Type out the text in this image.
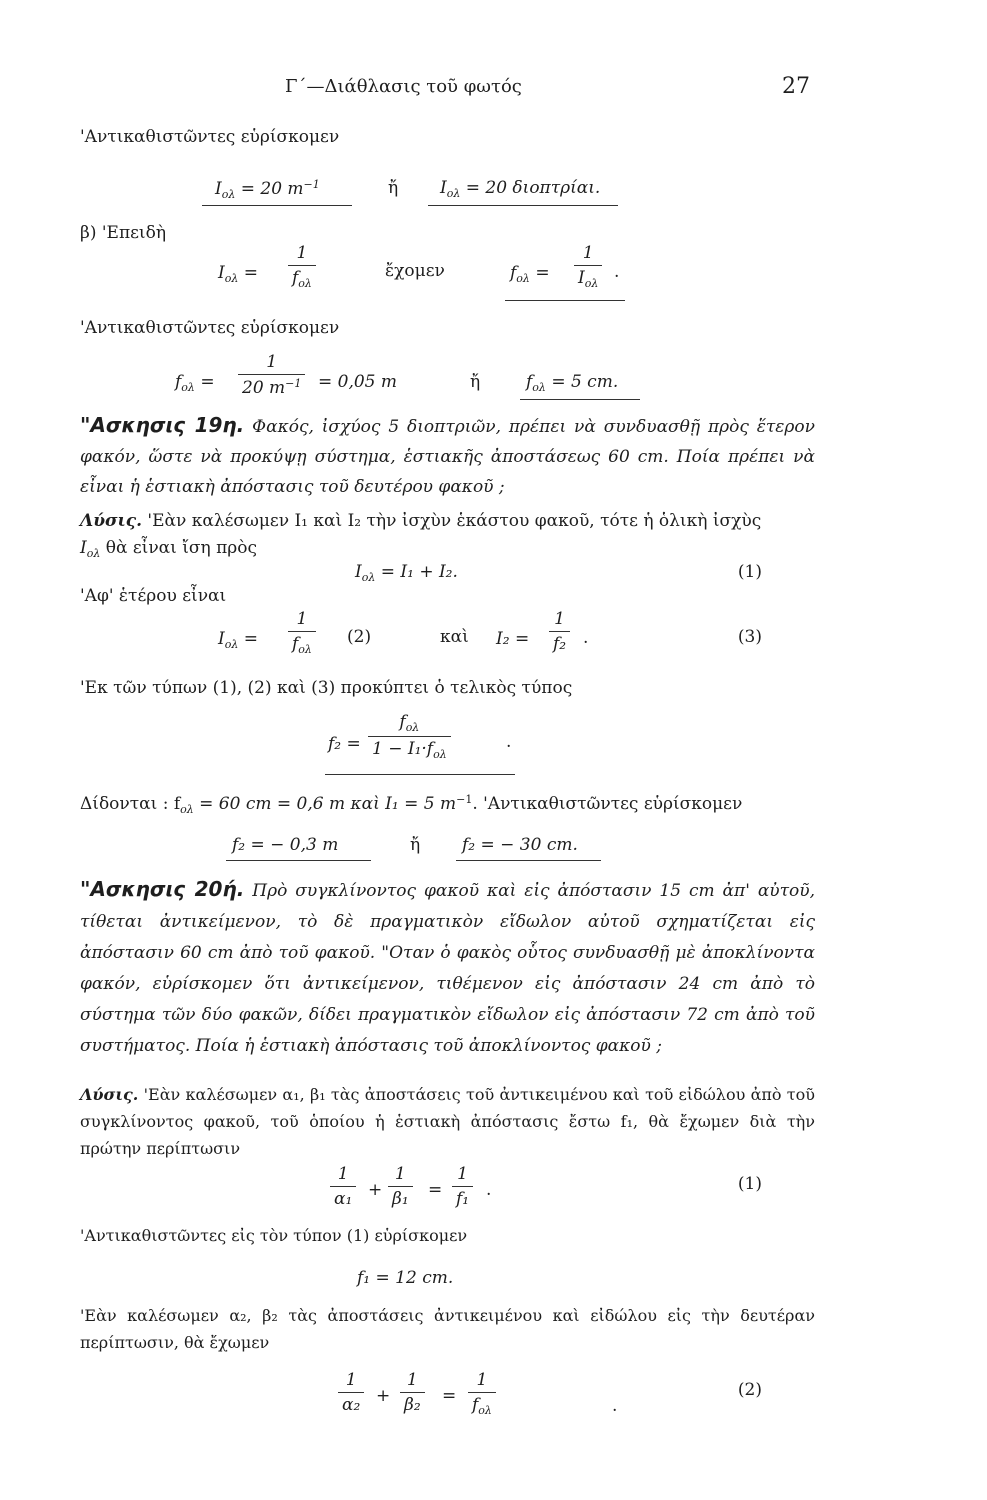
Γ΄—Διάθλασις τοῦ φωτός	27
'Αντικαθιστῶντες εὑρίσκομεν
$I_{o\lambda} = 20$ $m^{-1}$	ἤ $I_{o\lambda} = 20$ διοπτρίαι.
β) 'Επειδὴ
$I_{o\lambda}$ =
1
$f_{o\lambda}$
ἔχομεν	$f_{o\lambda}$ =
1
$I_{o\lambda}$
.
'Αντικαθιστῶντες εὑρίσκομεν
$f_{o\lambda} = \frac{1}{20 m^{-1}} = 0,05$ m	ἤ	$f_{o\lambda} = 5$ cm.
"Ασκησις 19η. Φακός, ἰσχύος 5 διοπτριῶν, πρέπει νὰ συνδυασθῇ πρὸς ἕτερον φακόν, ὥστε νὰ προκύψῃ σύστημα, ἑστιακῆς ἀποστάσεως 60 cm. Ποία πρέπει νὰ εἶναι ἡ ἑστιακὴ ἀπόστασις τοῦ δευτέρου φακοῦ ;
Λύσις. 'Εὰν καλέσωμεν I₁ καὶ I₂ τὴν ἰσχὺν ἑκάστου φακοῦ, τότε ἡ ὁλικὴ ἰσχὺς
$I_{o\lambda}$ θὰ εἶναι ἴση πρὸς
$I_{o\lambda} = I_1 + I_2$.	(1)
'Αφ' ἑτέρου εἶναι
$I_{o\lambda}$ =
1
$f_{o\lambda}$
(2)	καὶ $I_2 = \frac{1}{\text{f₂}}$ .	(3)
'Εκ τῶν τύπων (1), (2) καὶ (3) προκύπτει ὁ τελικὸς τύπος
f₂ =
$f_{o\lambda}$
$1 - I_1\cdot f_{o\lambda}$
.
Δίδονται : $f_{o\lambda} = 60$ cm = 0,6 m καὶ I₁ = 5 $m^{-1}$. 'Αντικαθιστῶντες εὑρίσκομεν
f₂ = − 0,3 m	ἤ f₂ = − 30 cm.
"Ασκησις 20ή. Πρὸ συγκλίνοντος φακοῦ καὶ εἰς ἀπόστασιν 15 cm ἀπ' αὐτοῦ, τίθεται ἀντικείμενον, τὸ δὲ πραγματικὸν εἴδωλον αὐτοῦ σχηματίζεται εἰς ἀπόστασιν 60 cm ἀπὸ τοῦ φακοῦ. "Οταν ὁ φακὸς οὗτος συνδυασθῇ μὲ ἀποκλίνοντα φακόν, εὑρίσκομεν ὅτι ἀντικείμενον, τιθέμενον εἰς ἀπόστασιν 24 cm ἀπὸ τὸ σύστημα τῶν δύο φακῶν, δίδει πραγματικὸν εἴδωλον εἰς ἀπόστασιν 72 cm ἀπὸ τοῦ συστήματος. Ποία ἡ ἑστιακὴ ἀπόστασις τοῦ ἀποκλίνοντος φακοῦ ;
Λύσις. 'Εὰν καλέσωμεν α₁, β₁ τὰς ἀποστάσεις τοῦ ἀντικειμένου καὶ τοῦ εἰδώλου ἀπὸ τοῦ συγκλίνοντος φακοῦ, τοῦ ὁποίου ἡ ἑστιακὴ ἀπόστασις ἔστω f₁, θὰ ἔχωμεν διὰ τὴν πρώτην περίπτωσιν
$\frac{1}{\text{α₁}} + \frac{1}{\text{β₁}} = \frac{1}{\text{f₁}}$ .	(1)
'Αντικαθιστῶντες εἰς τὸν τύπον (1) εὑρίσκομεν
f₁ = 12 cm.
'Εὰν καλέσωμεν α₂, β₂ τὰς ἀποστάσεις ἀντικειμένου καὶ εἰδώλου εἰς τὴν δευτέραν περίπτωσιν, θὰ ἔχωμεν
$\frac{1}{\text{α₂}} + \frac{1}{\text{β₂}}$ =
1
$f_{o\lambda}$	.
(2)
